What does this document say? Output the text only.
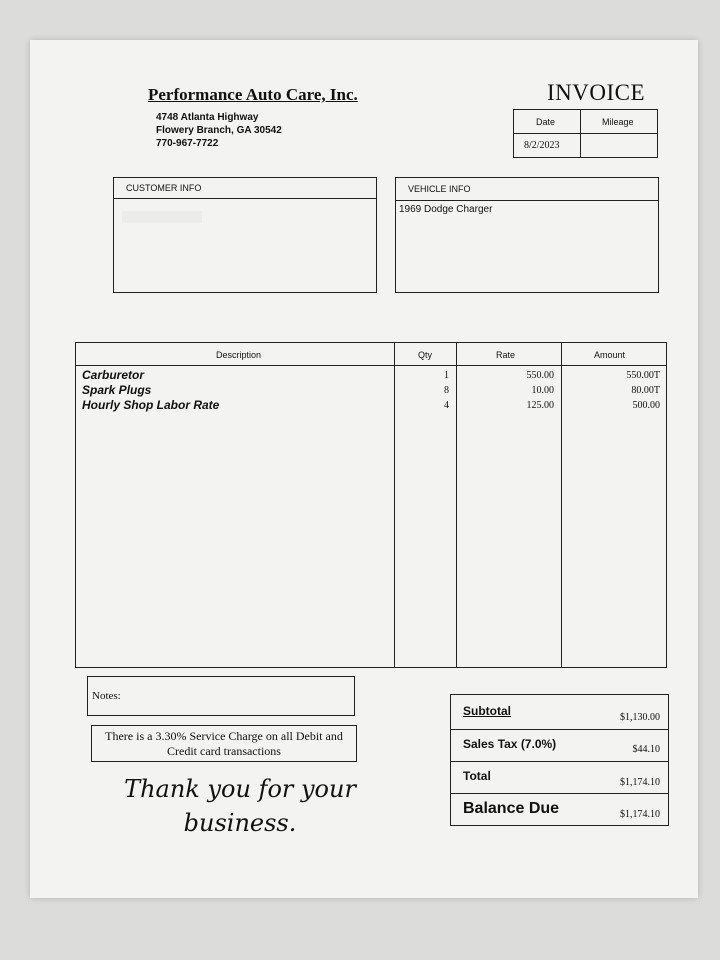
Performance Auto Care, Inc.
4748 Atlanta Highway
Flowery Branch, GA 30542
770-967-7722
INVOICE
Date	Mileage
8/2/2023
CUSTOMER INFO	VEHICLE INFO
1969 Dodge Charger
Description	Qty	Rate	Amount
Carburetor	1	550.00	550.00T
Spark Plugs	8	10.00	80.00T
Hourly Shop Labor Rate	4	125.00	500.00
Notes:
There is a 3.30% Service Charge on all Debit and Credit card transactions
Thank you for your
business.
Subtotal	$1,130.00
Sales Tax (7.0%)	$44.10
Total	$1,174.10
Balance Due	$1,174.10
